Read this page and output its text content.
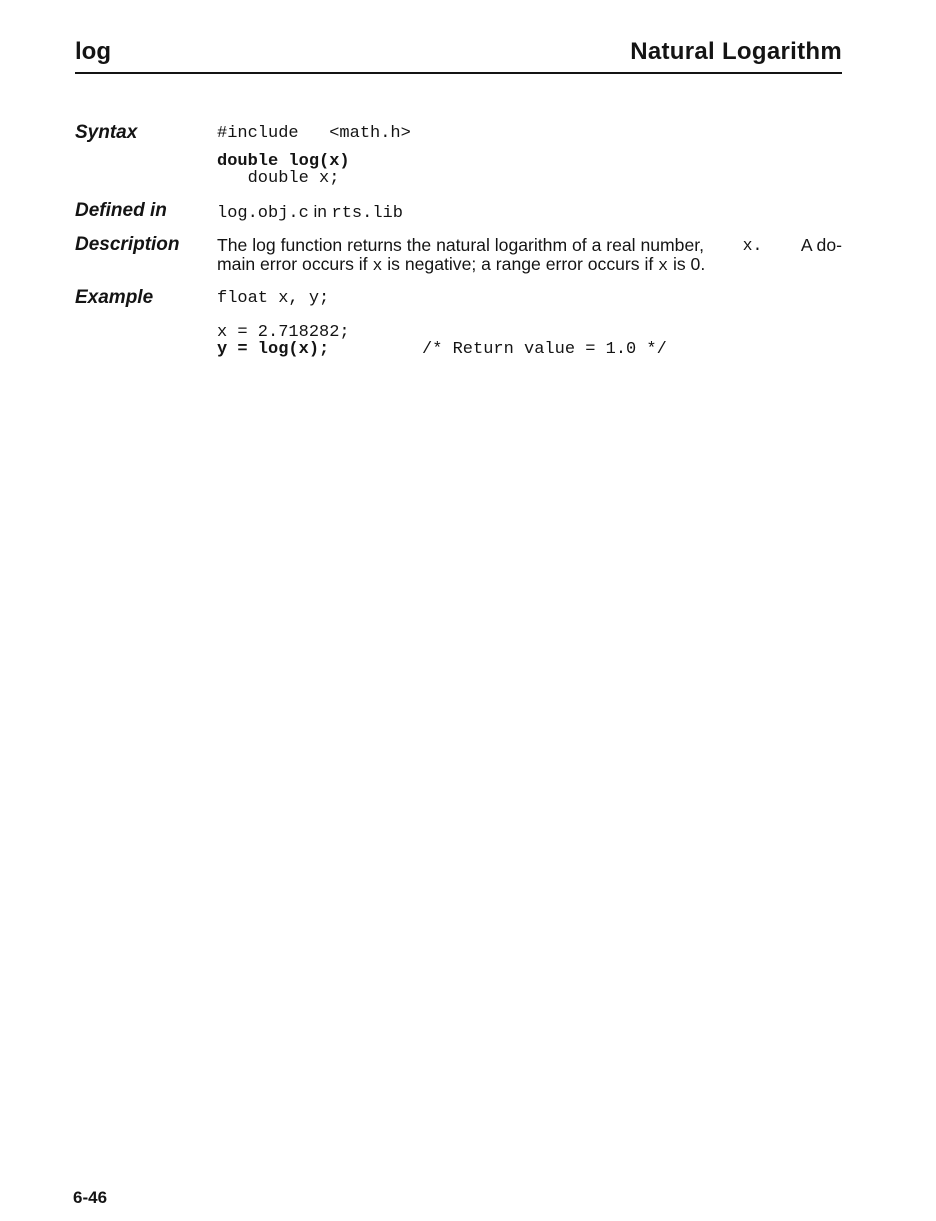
log	Natural Logarithm
Syntax	#include   <math.h>
double log(x)
double x;
Defined in	log.obj.c in rts.lib
Description The log function returns the natural logarithm of a real number, x. A do-
main error occurs if x is negative; a range error occurs if x is 0.
Example	float x, y;
x = 2.718282;
y = log(x);	/* Return value = 1.0 */
6-46
